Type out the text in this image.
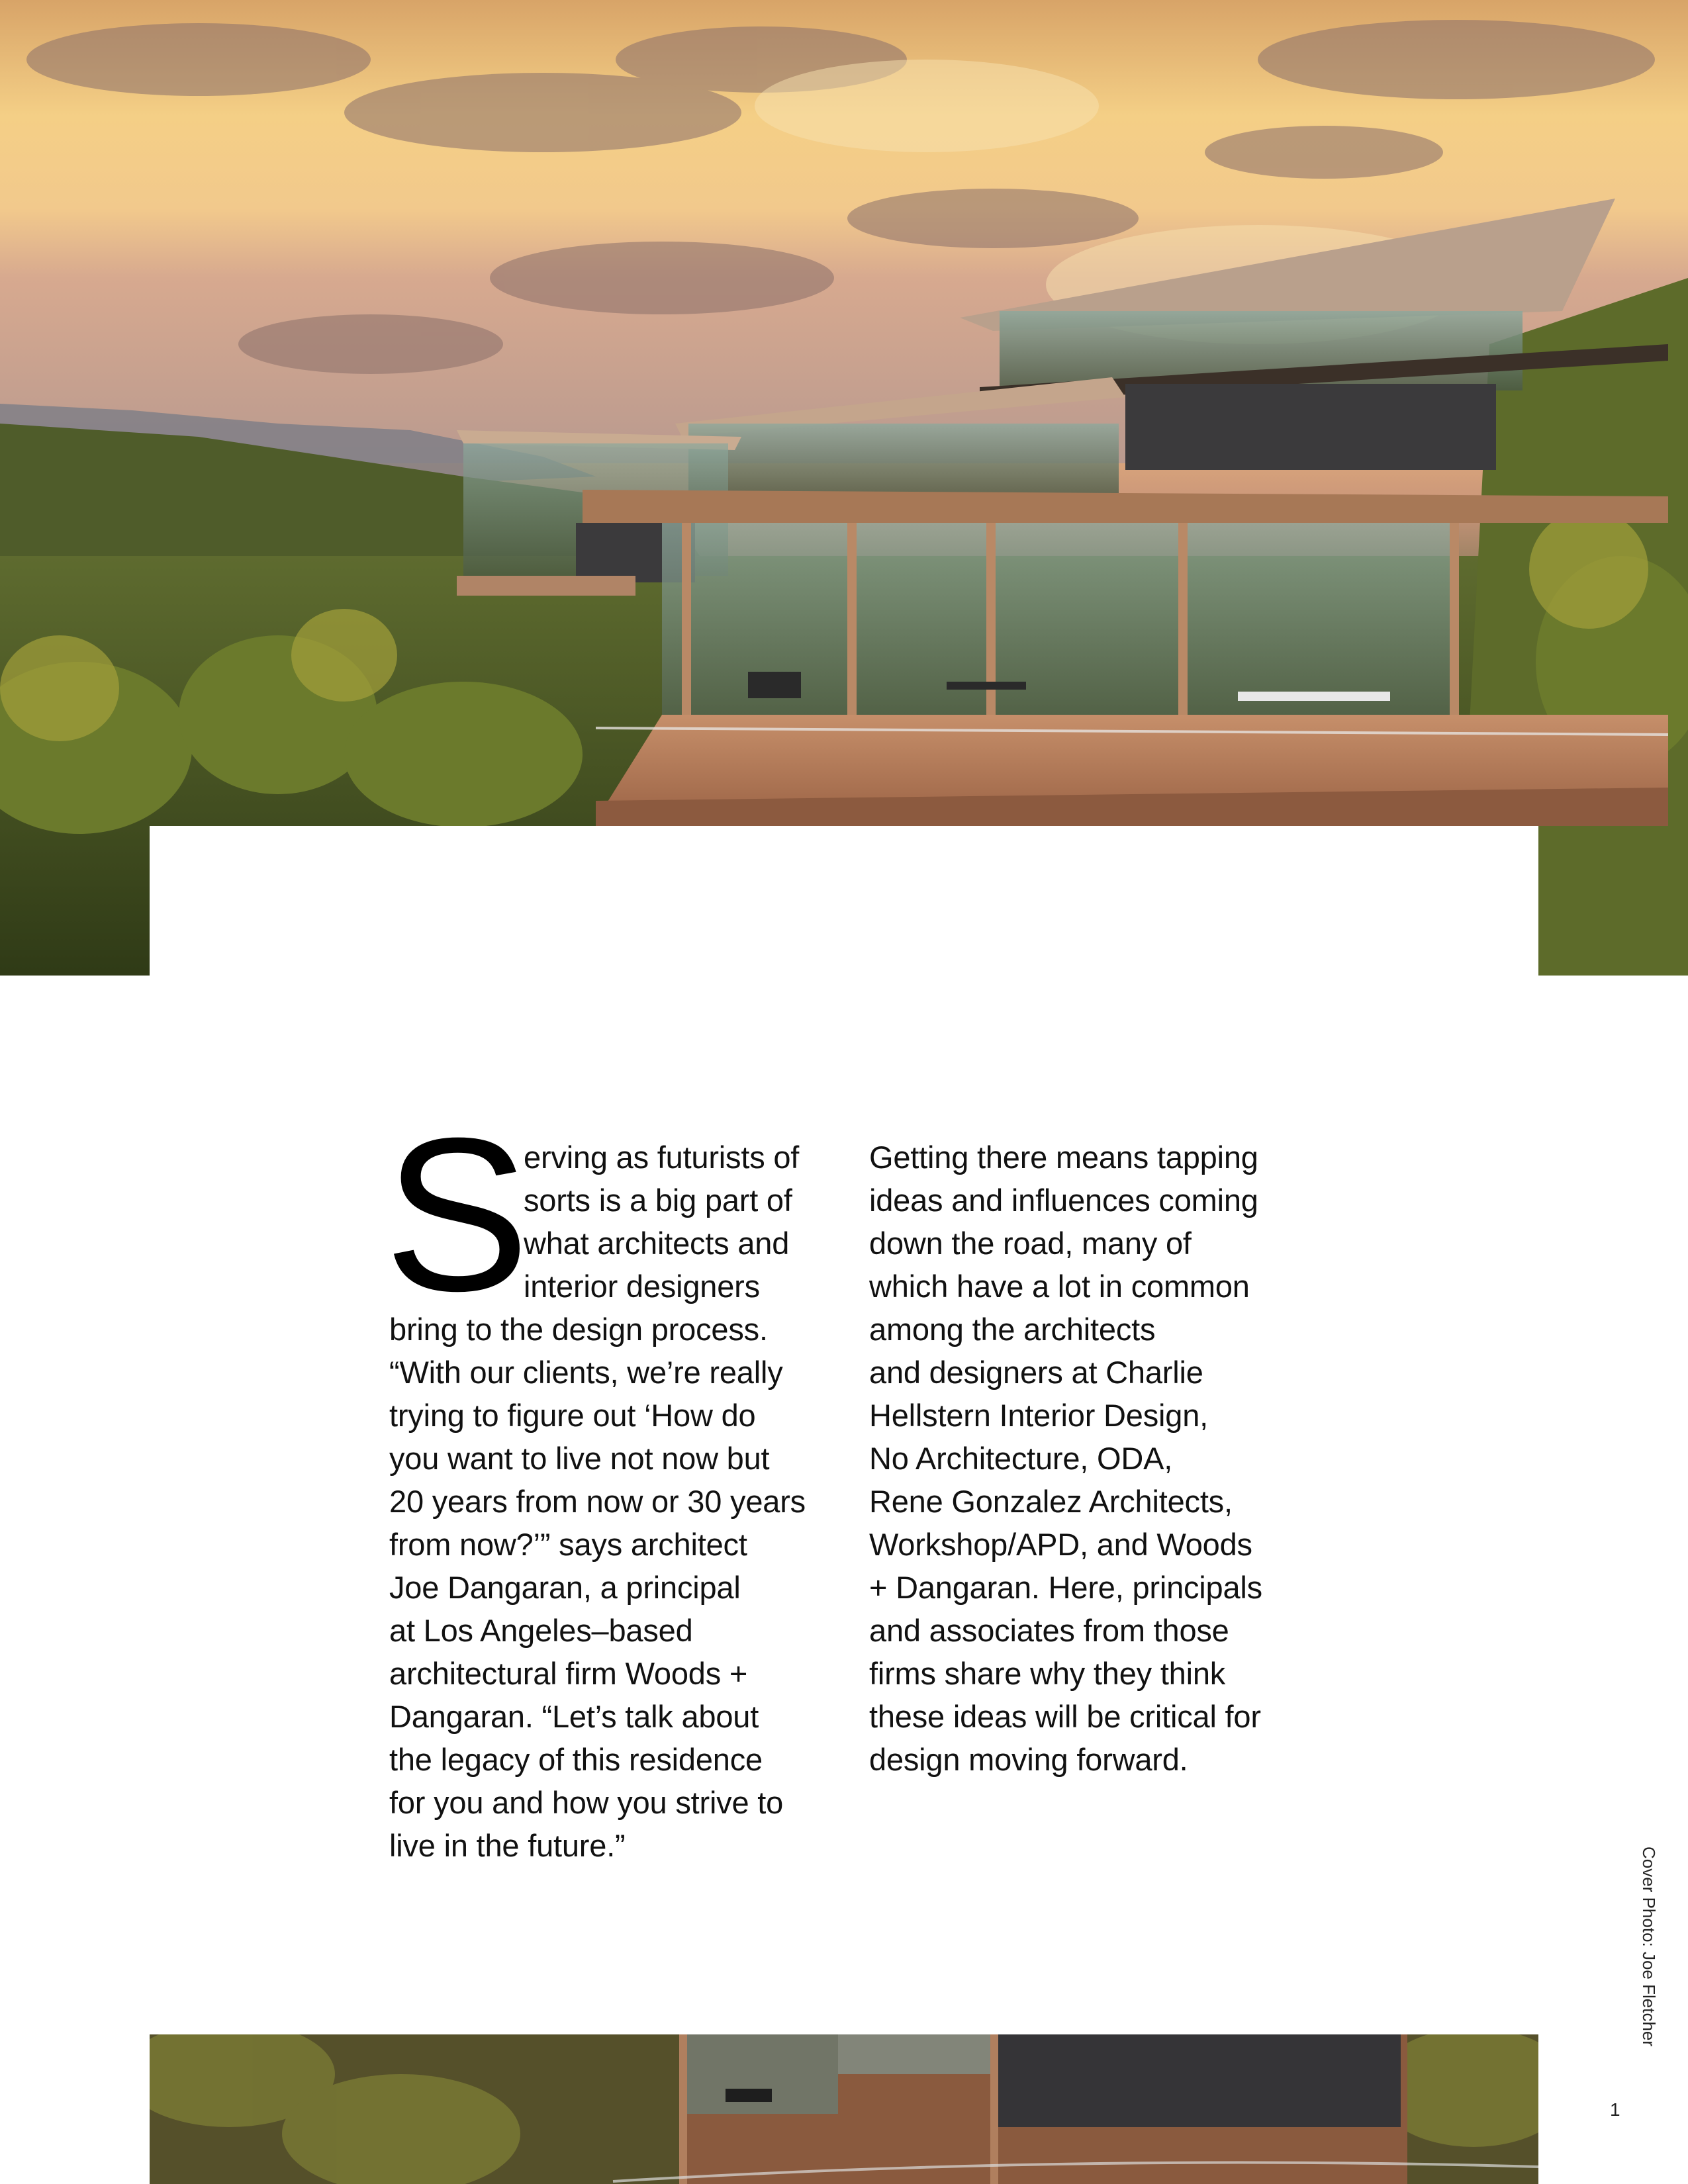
S
erving as futurists of
sorts is a big part of
what architects and
interior designers
bring to the design process.
“With our clients, we’re really
trying to figure out ‘How do
you want to live not now but
20 years from now or 30 years
from now?’” says architect
Joe Dangaran, a principal
at Los Angeles–based
architectural firm Woods +
Dangaran. “Let’s talk about
the legacy of this residence
for you and how you strive to
live in the future.”
Getting there means tapping
ideas and influences coming
down the road, many of
which have a lot in common
among the architects
and designers at Charlie
Hellstern Interior Design,
No Architecture, ODA,
Rene Gonzalez Architects,
Workshop/APD, and Woods
+ Dangaran. Here, principals
and associates from those
firms share why they think
these ideas will be critical for
design moving forward.
Cover Photo: Joe Fletcher
1
